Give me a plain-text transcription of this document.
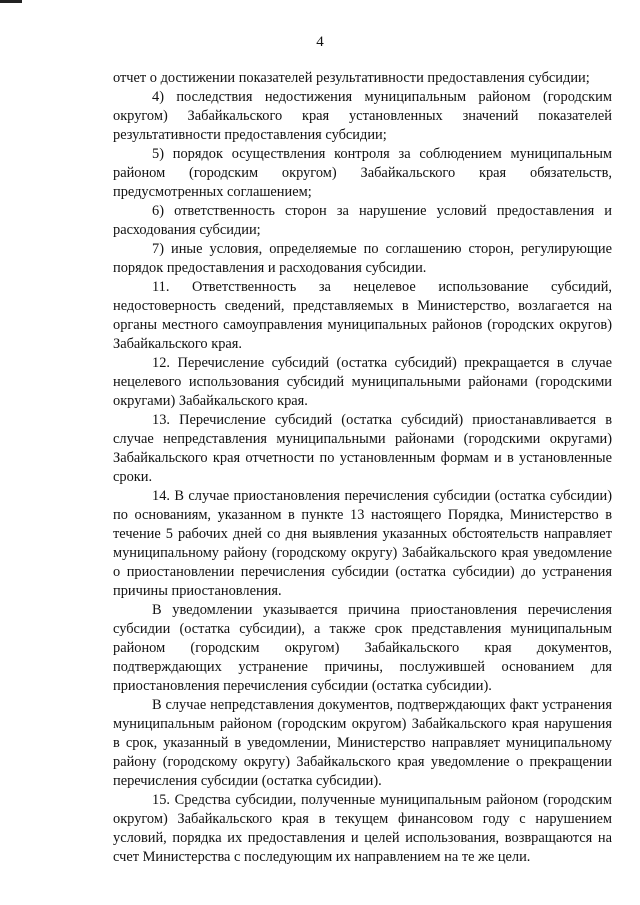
4

отчет о достижении показателей результативности предоставления субсидии;

4) последствия недостижения муниципальным районом (городским округом) Забайкальского края установленных значений показателей результативности предоставления субсидии;

5) порядок осуществления контроля за соблюдением муниципальным районом (городским округом) Забайкальского края обязательств, предусмотренных соглашением;

6) ответственность сторон за нарушение условий предоставления и расходования субсидии;

7) иные условия, определяемые по соглашению сторон, регулирующие порядок предоставления и расходования субсидии.

11. Ответственность за нецелевое использование субсидий, недостоверность сведений, представляемых в Министерство, возлагается на органы местного самоуправления муниципальных районов (городских округов) Забайкальского края.

12. Перечисление субсидий (остатка субсидий) прекращается в случае нецелевого использования субсидий муниципальными районами (городскими округами) Забайкальского края.

13. Перечисление субсидий (остатка субсидий) приостанавливается в случае непредставления муниципальными районами (городскими округами) Забайкальского края отчетности по установленным формам и в установленные сроки.

14. В случае приостановления перечисления субсидии (остатка субсидии) по основаниям, указанном в пункте 13 настоящего Порядка, Министерство в течение 5 рабочих дней со дня выявления указанных обстоятельств направляет муниципальному району (городскому округу) Забайкальского края уведомление о приостановлении перечисления субсидии (остатка субсидии) до устранения причины приостановления.

В уведомлении указывается причина приостановления перечисления субсидии (остатка субсидии), а также срок представления муниципальным районом (городским округом) Забайкальского края документов, подтверждающих устранение причины, послужившей основанием для приостановления перечисления субсидии (остатка субсидии).

В случае непредставления документов, подтверждающих факт устранения муниципальным районом (городским округом) Забайкальского края нарушения в срок, указанный в уведомлении, Министерство направляет муниципальному району (городскому округу) Забайкальского края уведомление о прекращении перечисления субсидии (остатка субсидии).

15. Средства субсидии, полученные муниципальным районом (городским округом) Забайкальского края в текущем финансовом году с нарушением условий, порядка их предоставления и целей использования, возвращаются на счет Министерства с последующим их направлением на те же цели.
